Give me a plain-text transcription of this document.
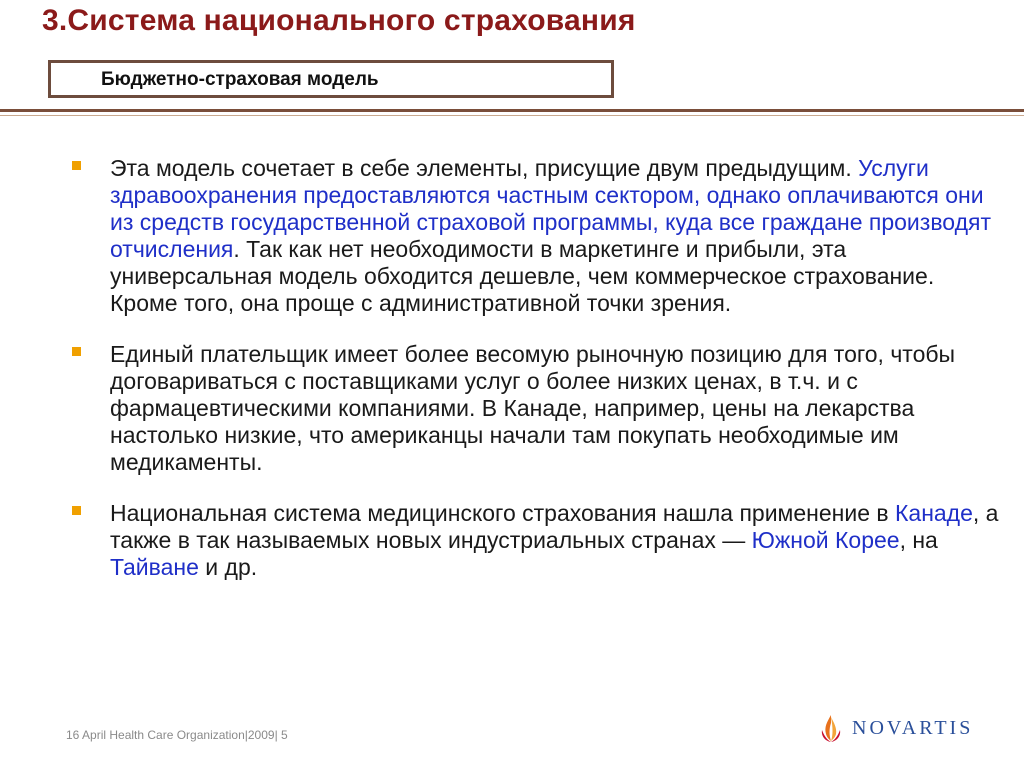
3.Система национального страхования
Бюджетно-страховая модель
Эта модель сочетает в себе элементы, присущие двум предыдущим. Услуги здравоохранения предоставляются частным сектором, однако оплачиваются они из средств государственной страховой программы, куда все граждане производят отчисления. Так как нет необходимости в маркетинге и прибыли, эта универсальная модель обходится дешевле, чем коммерческое страхование. Кроме того, она проще с административной точки зрения.
Единый плательщик имеет более весомую рыночную позицию для того, чтобы договариваться с поставщиками услуг о более низких ценах, в т.ч. и с фармацевтическими компаниями. В Канаде, например, цены на лекарства настолько низкие, что американцы начали там покупать необходимые им медикаменты.
Национальная система медицинского страхования нашла применение в Канаде, а также в так называемых новых индустриальных странах — Южной Корее, на Тайване и др.
16 April Health Care Organization|2009| 5	NOVARTIS
